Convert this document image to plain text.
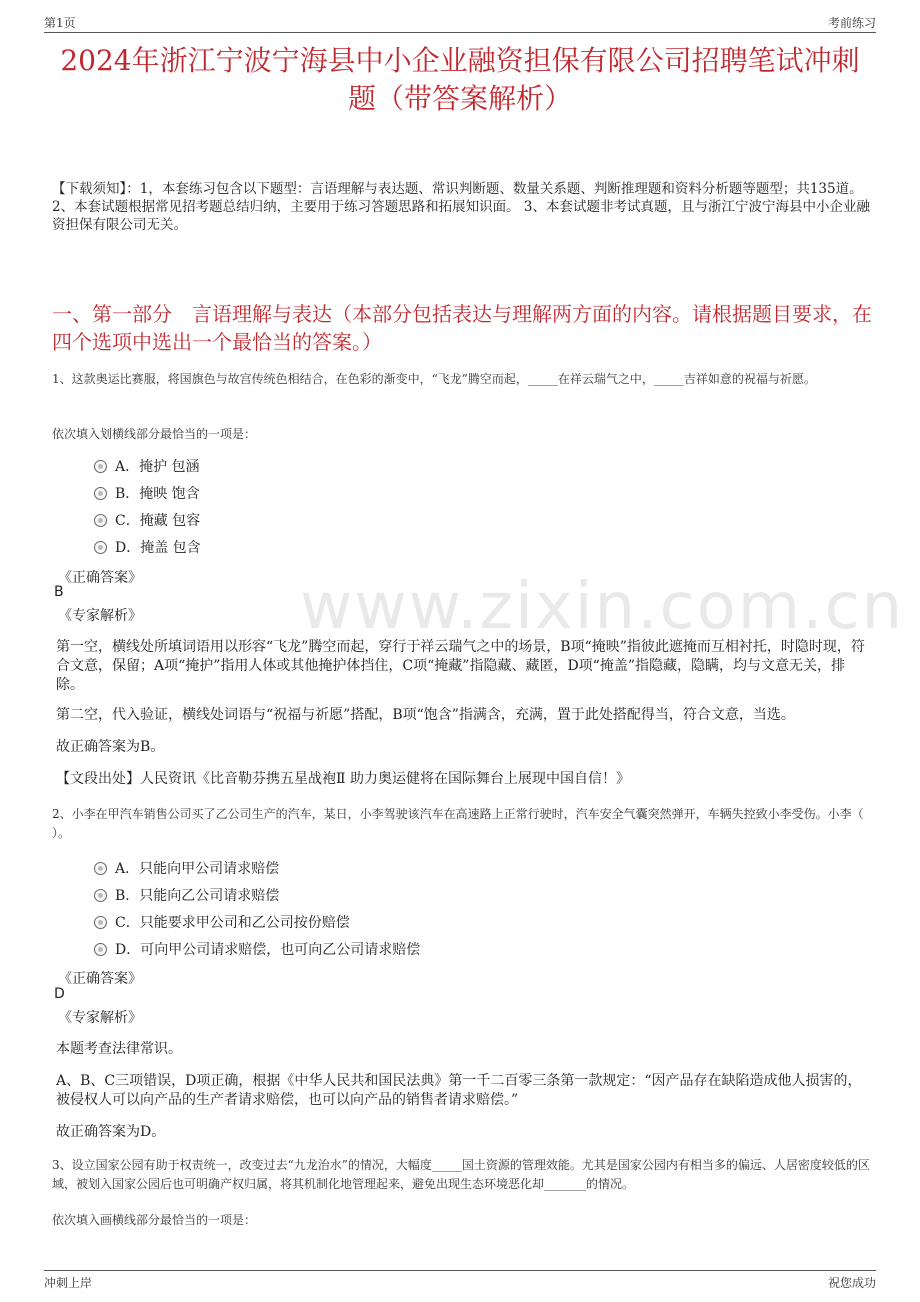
第1页	考前练习
www.zixin.com.cn
2024年浙江宁波宁海县中小企业融资担保有限公司招聘笔试冲刺题（带答案解析）
【下载须知】：1，本套练习包含以下题型：言语理解与表达题、常识判断题、数量关系题、判断推理题和资料分析题等题型；共135道。 2、本套试题根据常见招考题总结归纳，主要用于练习答题思路和拓展知识面。 3、本套试题非考试真题，且与浙江宁波宁海县中小企业融资担保有限公司无关。
一、第一部分　言语理解与表达（本部分包括表达与理解两方面的内容。请根据题目要求，在四个选项中选出一个最恰当的答案。）
1、这款奥运比赛服，将国旗色与故宫传统色相结合，在色彩的渐变中，“飞龙”腾空而起，_____在祥云瑞气之中，_____吉祥如意的祝福与祈愿。
依次填入划横线部分最恰当的一项是：
A．掩护 包涵
B．掩映 饱含
C．掩藏 包容
D．掩盖 包含
《正确答案》
B
《专家解析》
第一空，横线处所填词语用以形容“飞龙”腾空而起，穿行于祥云瑞气之中的场景，B项“掩映”指彼此遮掩而互相衬托，时隐时现，符合文意，保留；A项“掩护”指用人体或其他掩护体挡住，C项“掩藏”指隐藏、藏匿，D项“掩盖”指隐藏，隐瞒，均与文意无关，排除。
第二空，代入验证，横线处词语与“祝福与祈愿”搭配，B项“饱含”指满含，充满，置于此处搭配得当，符合文意，当选。
故正确答案为B。
【文段出处】人民资讯《比音勒芬携五星战袍Ⅱ 助力奥运健将在国际舞台上展现中国自信！》
2、小李在甲汽车销售公司买了乙公司生产的汽车，某日，小李驾驶该汽车在高速路上正常行驶时，汽车安全气囊突然弹开，车辆失控致小李受伤。小李（ ）。
A．只能向甲公司请求赔偿
B．只能向乙公司请求赔偿
C．只能要求甲公司和乙公司按份赔偿
D．可向甲公司请求赔偿，也可向乙公司请求赔偿
《正确答案》
D
《专家解析》
本题考查法律常识。
A、B、C三项错误，D项正确，根据《中华人民共和国民法典》第一千二百零三条第一款规定：“因产品存在缺陷造成他人损害的，被侵权人可以向产品的生产者请求赔偿，也可以向产品的销售者请求赔偿。”
故正确答案为D。
3、设立国家公园有助于权责统一，改变过去“九龙治水”的情况，大幅度_____国土资源的管理效能。尤其是国家公园内有相当多的偏远、人居密度较低的区域，被划入国家公园后也可明确产权归属，将其机制化地管理起来，避免出现生态环境恶化却_______的情况。
依次填入画横线部分最恰当的一项是：
冲刺上岸	祝您成功
